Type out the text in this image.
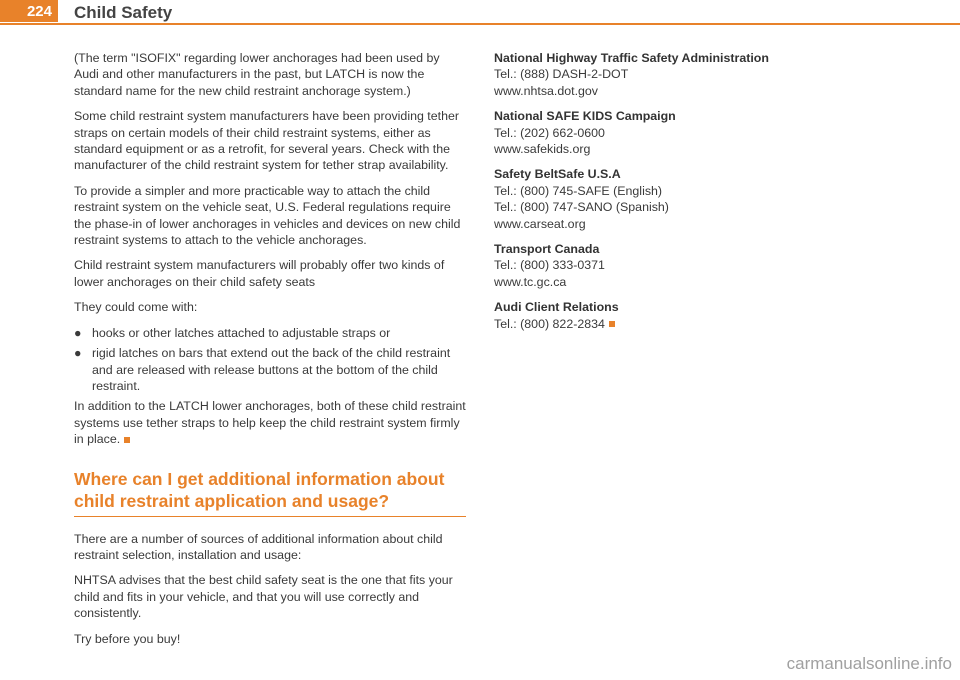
224 Child Safety

(The term "ISOFIX" regarding lower anchorages had been used by Audi and other manufacturers in the past, but LATCH is now the standard name for the new child restraint anchorage system.)

Some child restraint system manufacturers have been providing tether straps on certain models of their child restraint systems, either as standard equipment or as a retrofit, for several years. Check with the manufacturer of the child restraint system for tether strap availability.

To provide a simpler and more practicable way to attach the child restraint system on the vehicle seat, U.S. Federal regulations require the phase-in of lower anchorages in vehicles and devices on new child restraint systems to attach to the vehicle anchorages.

Child restraint system manufacturers will probably offer two kinds of lower anchorages on their child safety seats

They could come with:

● hooks or other latches attached to adjustable straps or
● rigid latches on bars that extend out the back of the child restraint and are released with release buttons at the bottom of the child restraint.

In addition to the LATCH lower anchorages, both of these child restraint systems use tether straps to help keep the child restraint system firmly in place.

Where can I get additional information about child restraint application and usage?

There are a number of sources of additional information about child restraint selection, installation and usage:

NHTSA advises that the best child safety seat is the one that fits your child and fits in your vehicle, and that you will use correctly and consistently.

Try before you buy!

National Highway Traffic Safety Administration
Tel.: (888) DASH-2-DOT
www.nhtsa.dot.gov
National SAFE KIDS Campaign
Tel.: (202) 662-0600
www.safekids.org
Safety BeltSafe U.S.A
Tel.: (800) 745-SAFE (English)
Tel.: (800) 747-SANO (Spanish)
www.carseat.org
Transport Canada
Tel.: (800) 333-0371
www.tc.gc.ca
Audi Client Relations
Tel.: (800) 822-2834
carmanualsonline.info
